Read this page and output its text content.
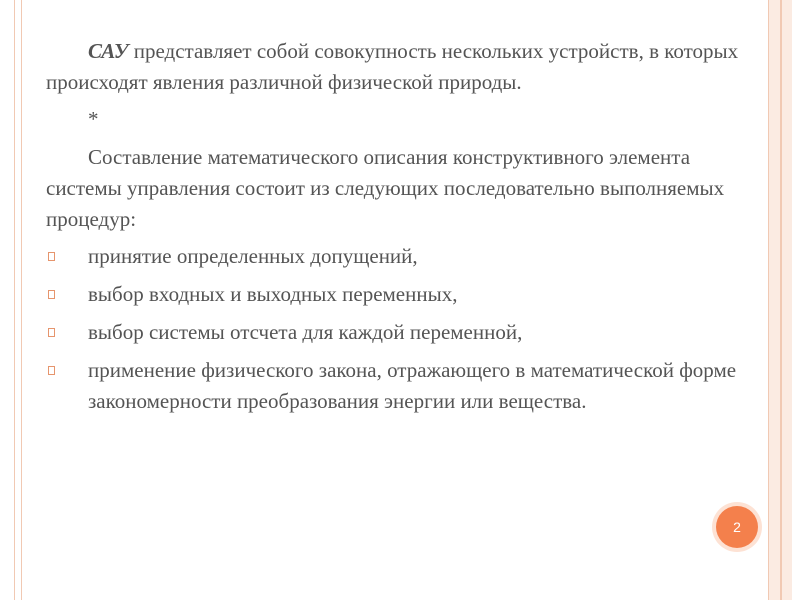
САУ представляет собой совокупность нескольких устройств, в которых происходят явления различной физической природы.

*

Составление математического описания конструктивного элемента системы управления состоит из следующих последовательно выполняемых процедур:

принятие определенных допущений,
выбор входных и выходных переменных,
выбор системы отсчета для каждой переменной,
применение физического закона, отражающего в математической форме закономерности преобразования энергии или вещества.
2
